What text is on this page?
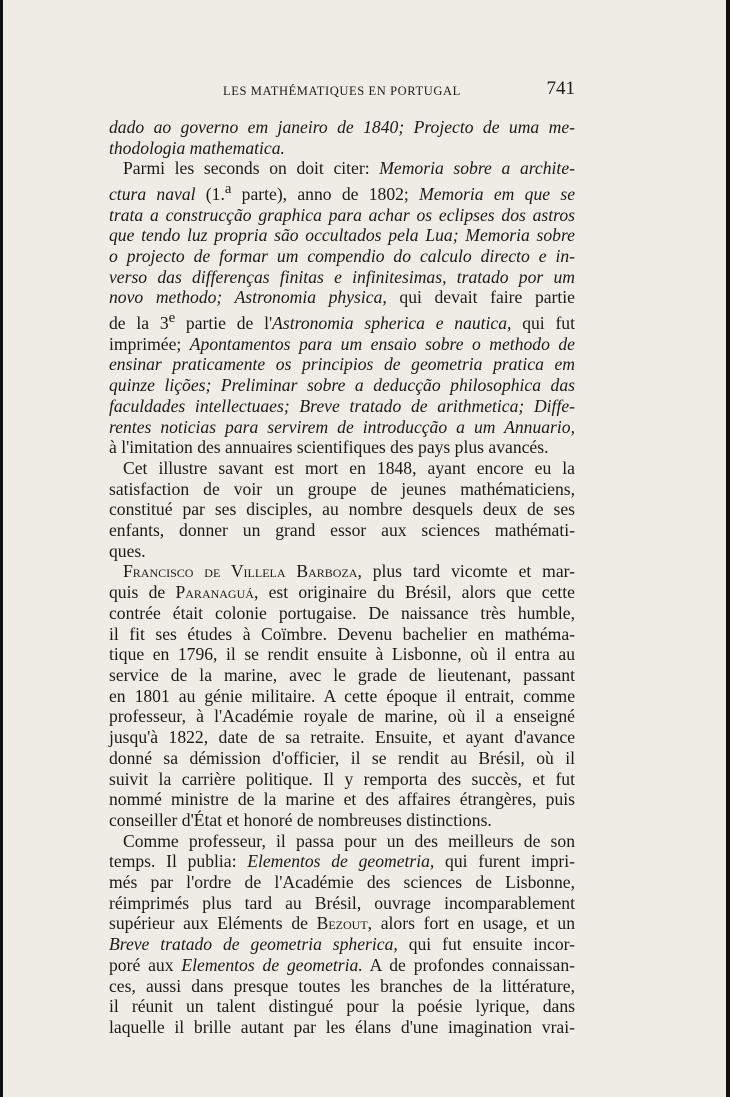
LES MATHÉMATIQUES EN PORTUGAL	741
dado ao governo em janeiro de 1840; Projecto de uma me-
thodologia mathematica.
Parmi les seconds on doit citer: Memoria sobre a archite-
ctura naval (1.$^a$ parte), anno de 1802; Memoria em que se
trata a construcção graphica para achar os eclipses dos astros
que tendo luz propria são occultados pela Lua; Memoria sobre
o projecto de formar um compendio do calculo directo e in-
verso das differenças finitas e infinitesimas, tratado por um
novo methodo; Astronomia physica, qui devait faire partie
de la 3e partie de l'Astronomia spherica e nautica, qui fut
imprimée; Apontamentos para um ensaio sobre o methodo de
ensinar praticamente os principios de geometria pratica em
quinze lições; Preliminar sobre a deducção philosophica das
faculdades intellectuaes; Breve tratado de arithmetica; Diffe-
rentes noticias para servirem de introducção a um Annuario,
à l'imitation des annuaires scientifiques des pays plus avancés.
Cet illustre savant est mort en 1848, ayant encore eu la
satisfaction de voir un groupe de jeunes mathématiciens,
constitué par ses disciples, au nombre desquels deux de ses
enfants, donner un grand essor aux sciences mathémati-
ques.
Francisco de Villela Barboza, plus tard vicomte et mar-
quis de Paranaguá, est originaire du Brésil, alors que cette
contrée était colonie portugaise. De naissance très humble,
il fit ses études à Coïmbre. Devenu bachelier en mathéma-
tique en 1796, il se rendit ensuite à Lisbonne, où il entra au
service de la marine, avec le grade de lieutenant, passant
en 1801 au génie militaire. A cette époque il entrait, comme
professeur, à l'Académie royale de marine, où il a enseigné
jusqu'à 1822, date de sa retraite. Ensuite, et ayant d'avance
donné sa démission d'officier, il se rendit au Brésil, où il
suivit la carrière politique. Il y remporta des succès, et fut
nommé ministre de la marine et des affaires étrangères, puis
conseiller d'État et honoré de nombreuses distinctions.
Comme professeur, il passa pour un des meilleurs de son
temps. Il publia: Elementos de geometria, qui furent impri-
més par l'ordre de l'Académie des sciences de Lisbonne,
réimprimés plus tard au Brésil, ouvrage incomparablement
supérieur aux Eléments de Bezout, alors fort en usage, et un
Breve tratado de geometria spherica, qui fut ensuite incor-
poré aux Elementos de geometria. A de profondes connaissan-
ces, aussi dans presque toutes les branches de la littérature,
il réunit un talent distingué pour la poésie lyrique, dans
laquelle il brille autant par les élans d'une imagination vrai-
